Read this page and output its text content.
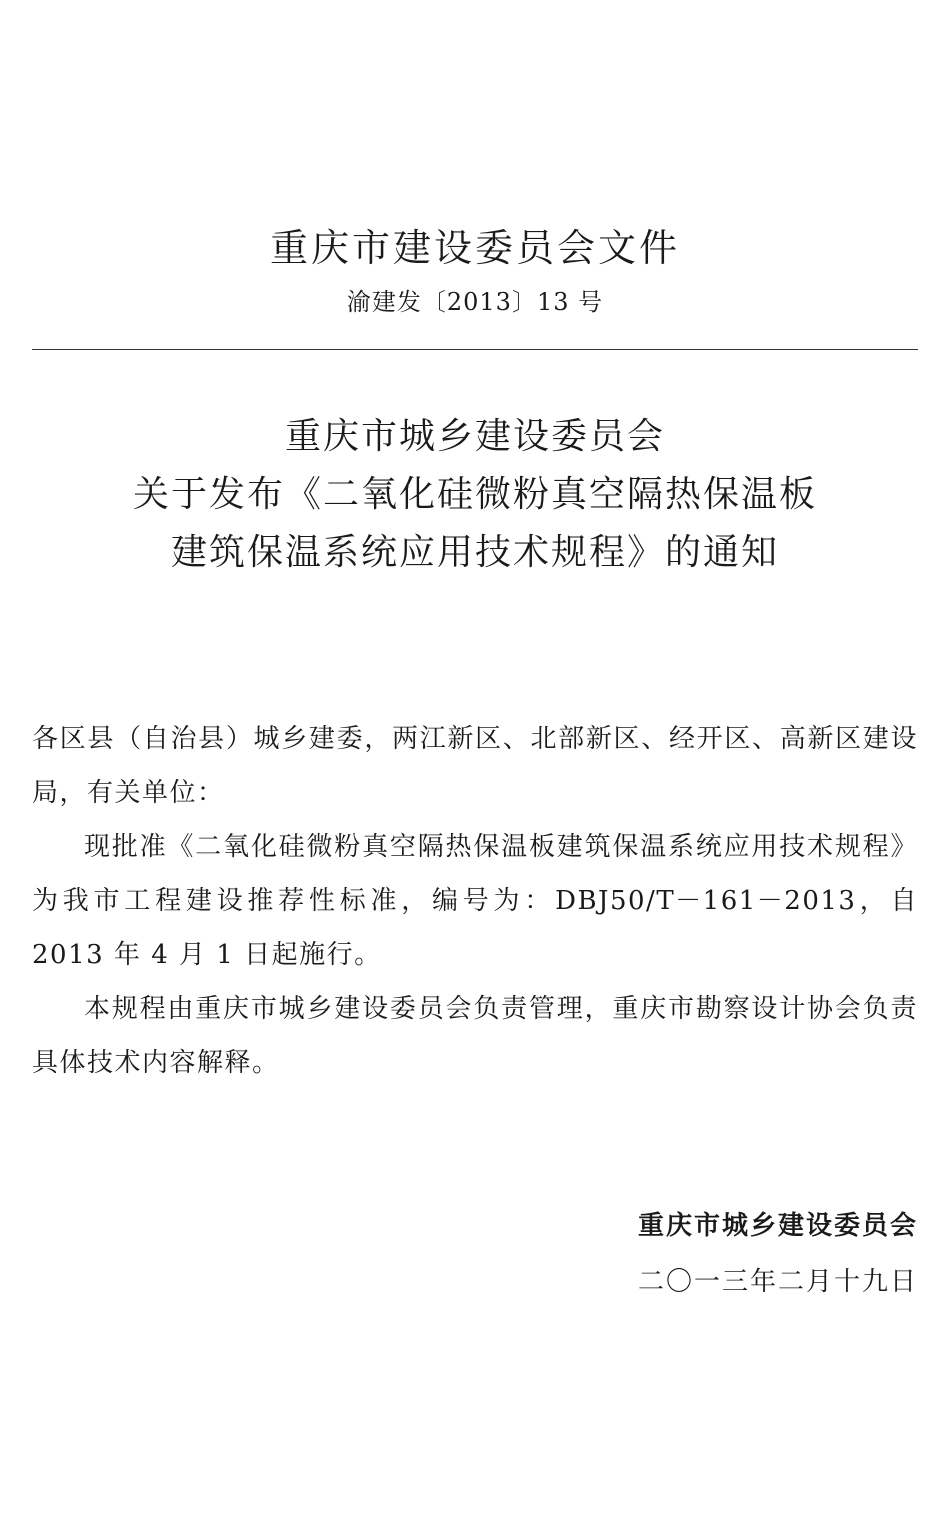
重庆市建设委员会文件
渝建发〔2013〕13 号
重庆市城乡建设委员会
关于发布《二氧化硅微粉真空隔热保温板
建筑保温系统应用技术规程》的通知

各区县（自治县）城乡建委，两江新区、北部新区、经开区、高新区建设局，有关单位：

现批准《二氧化硅微粉真空隔热保温板建筑保温系统应用技术规程》为我市工程建设推荐性标准，编号为：DBJ50/T－161－2013，自 2013 年 4 月 1 日起施行。

本规程由重庆市城乡建设委员会负责管理，重庆市勘察设计协会负责具体技术内容解释。

重庆市城乡建设委员会
二〇一三年二月十九日
